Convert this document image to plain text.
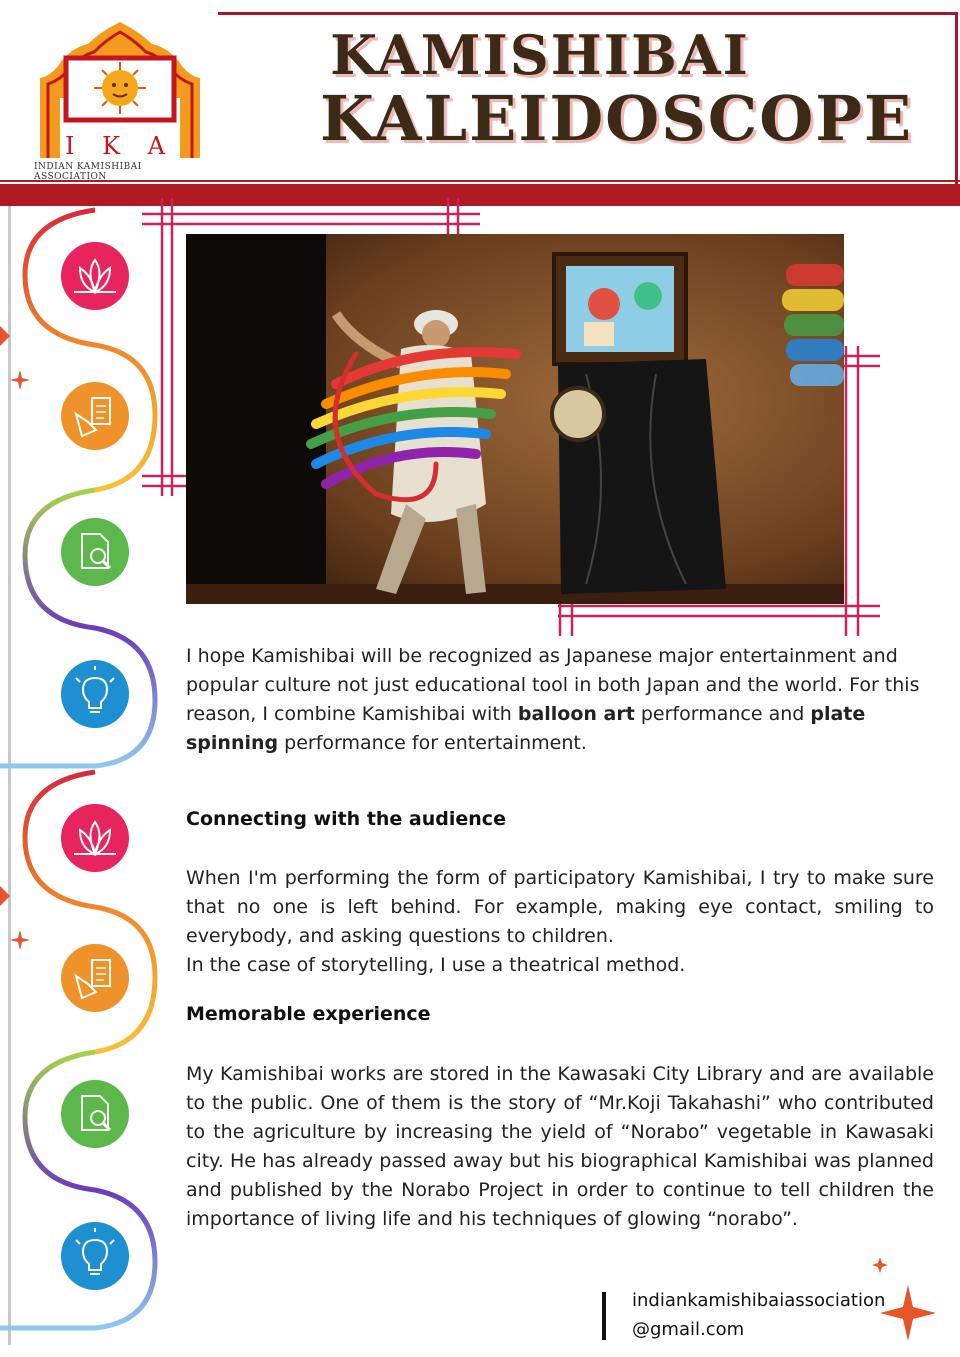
I K A
INDIAN KAMISHIBAI ASSOCIATION
KAMISHIBAI
KALEIDOSCOPE
I hope Kamishibai will be recognized as Japanese major entertainment and popular culture not just educational tool in both Japan and the world. For this reason, I combine Kamishibai with balloon art performance and plate spinning performance for entertainment.
Connecting with the audience
When I'm performing the form of participatory Kamishibai, I try to make sure that no one is left behind. For example, making eye contact, smiling to everybody, and asking questions to children.
In the case of storytelling, I use a theatrical method.
Memorable experience
My Kamishibai works are stored in the Kawasaki City Library and are available to the public. One of them is the story of “Mr.Koji Takahashi” who contributed to the agriculture by increasing the yield of “Norabo” vegetable in Kawasaki city. He has already passed away but his biographical Kamishibai was planned and published by the Norabo Project in order to continue to tell children the importance of living life and his techniques of glowing “norabo”.
indiankamishibaiassociation
@gmail.com
